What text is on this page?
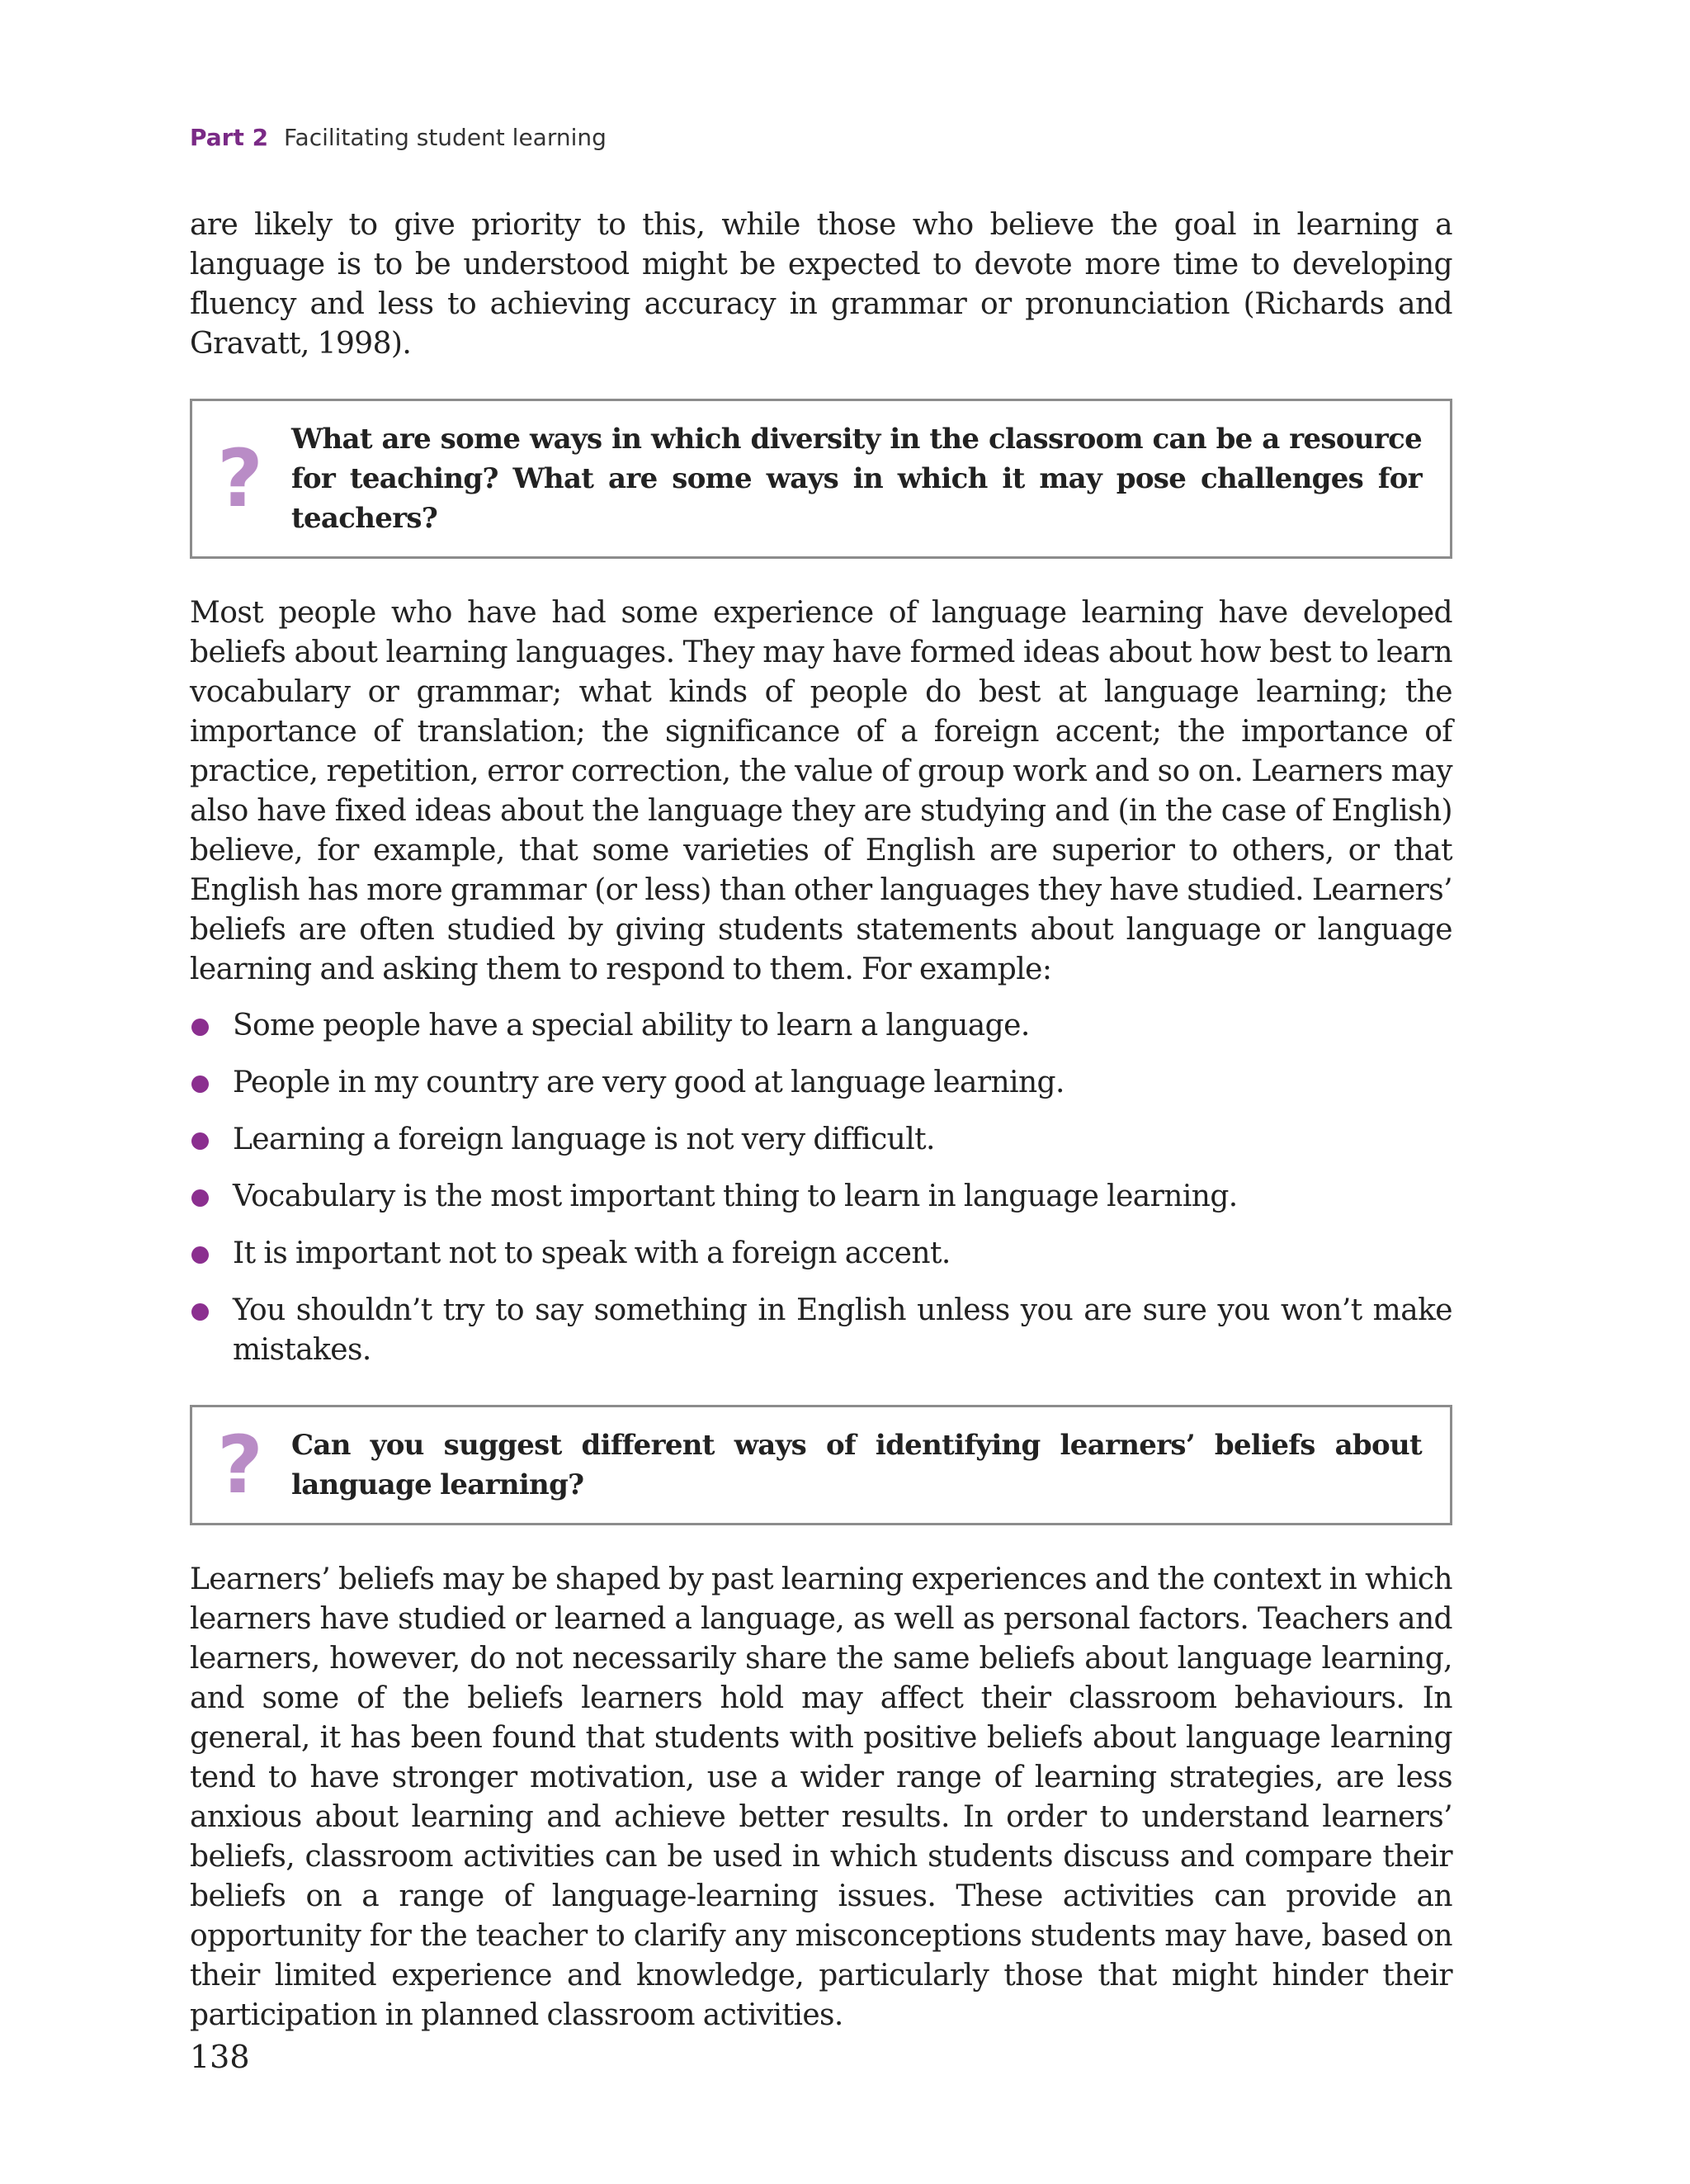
Part 2 Facilitating student learning

are likely to give priority to this, while those who believe the goal in learning a language is to be understood might be expected to devote more time to developing fluency and less to achieving accuracy in grammar or pronunciation (Richards and Gravatt, 1998).

? What are some ways in which diversity in the classroom can be a resource for teaching? What are some ways in which it may pose challenges for teachers?

Most people who have had some experience of language learning have developed beliefs about learning languages. They may have formed ideas about how best to learn vocabulary or grammar; what kinds of people do best at language learning; the importance of translation; the significance of a foreign accent; the importance of practice, repetition, error correction, the value of group work and so on. Learners may also have fixed ideas about the language they are studying and (in the case of English) believe, for example, that some varieties of English are superior to others, or that English has more grammar (or less) than other languages they have studied. Learners’ beliefs are often studied by giving students statements about language or language learning and asking them to respond to them. For example:

Some people have a special ability to learn a language.
People in my country are very good at language learning.
Learning a foreign language is not very difficult.
Vocabulary is the most important thing to learn in language learning.
It is important not to speak with a foreign accent.
You shouldn’t try to say something in English unless you are sure you won’t make mistakes.
? Can you suggest different ways of identifying learners’ beliefs about language learning?

Learners’ beliefs may be shaped by past learning experiences and the context in which learners have studied or learned a language, as well as personal factors. Teachers and learners, however, do not necessarily share the same beliefs about language learning, and some of the beliefs learners hold may affect their classroom behaviours. In general, it has been found that students with positive beliefs about language learning tend to have stronger motivation, use a wider range of learning strategies, are less anxious about learning and achieve better results. In order to understand learners’ beliefs, classroom activities can be used in which students discuss and compare their beliefs on a range of language-learning issues. These activities can provide an opportunity for the teacher to clarify any misconceptions students may have, based on their limited experience and knowledge, particularly those that might hinder their participation in planned classroom activities.

138
